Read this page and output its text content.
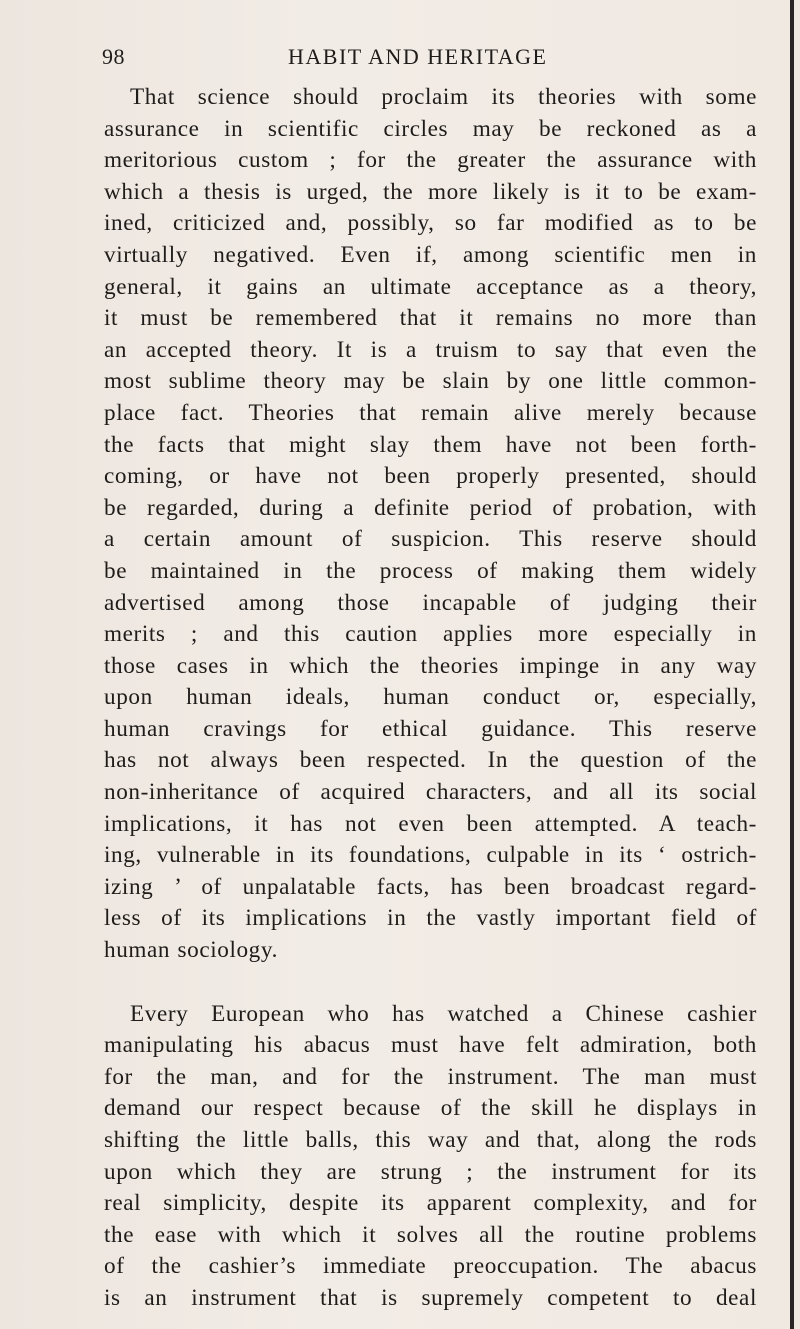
98	HABIT AND HERITAGE
That science should proclaim its theories with some
assurance in scientific circles may be reckoned as a
meritorious custom ; for the greater the assurance with
which a thesis is urged, the more likely is it to be exam-
ined, criticized and, possibly, so far modified as to be
virtually negatived. Even if, among scientific men in
general, it gains an ultimate acceptance as a theory,
it must be remembered that it remains no more than
an accepted theory. It is a truism to say that even the
most sublime theory may be slain by one little common-
place fact. Theories that remain alive merely because
the facts that might slay them have not been forth-
coming, or have not been properly presented, should
be regarded, during a definite period of probation, with
a certain amount of suspicion. This reserve should
be maintained in the process of making them widely
advertised among those incapable of judging their
merits ; and this caution applies more especially in
those cases in which the theories impinge in any way
upon human ideals, human conduct or, especially,
human cravings for ethical guidance. This reserve
has not always been respected. In the question of the
non-inheritance of acquired characters, and all its social
implications, it has not even been attempted. A teach-
ing, vulnerable in its foundations, culpable in its ‘ ostrich-
izing ’ of unpalatable facts, has been broadcast regard-
less of its implications in the vastly important field of
human sociology.
Every European who has watched a Chinese cashier
manipulating his abacus must have felt admiration, both
for the man, and for the instrument. The man must
demand our respect because of the skill he displays in
shifting the little balls, this way and that, along the rods
upon which they are strung ; the instrument for its
real simplicity, despite its apparent complexity, and for
the ease with which it solves all the routine problems
of the cashier’s immediate preoccupation. The abacus
is an instrument that is supremely competent to deal
